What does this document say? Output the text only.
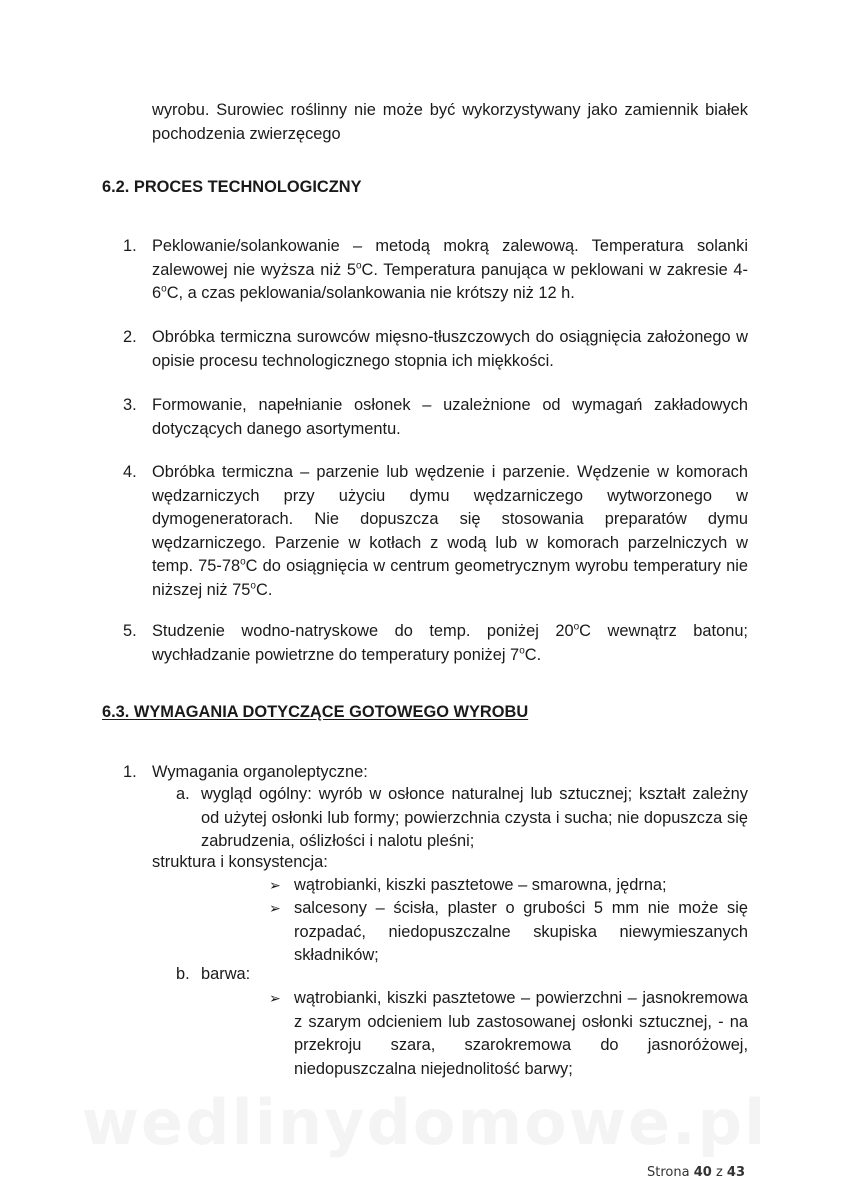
wyrobu. Surowiec roślinny nie może być wykorzystywany jako zamiennik białek pochodzenia zwierzęcego
6.2. PROCES TECHNOLOGICZNY
1. Peklowanie/solankowanie – metodą mokrą zalewową. Temperatura solanki zalewowej nie wyższa niż 5$^o$C. Temperatura panująca w peklowani w zakresie 4-6$^o$C, a czas peklowania/solankowania nie krótszy niż 12 h.
2. Obróbka termiczna surowców mięsno-tłuszczowych do osiągnięcia założonego w opisie procesu technologicznego stopnia ich miękkości.
3. Formowanie, napełnianie osłonek – uzależnione od wymagań zakładowych dotyczących danego asortymentu.
4. Obróbka termiczna – parzenie lub wędzenie i parzenie. Wędzenie w komorach wędzarniczych przy użyciu dymu wędzarniczego wytworzonego w dymogeneratorach. Nie dopuszcza się stosowania preparatów dymu wędzarniczego. Parzenie w kotłach z wodą lub w komorach parzelniczych w temp. 75-78$^o$C do osiągnięcia w centrum geometrycznym wyrobu temperatury nie niższej niż 75$^o$C.
5. Studzenie wodno-natryskowe do temp. poniżej 20$^o$C wewnątrz batonu; wychładzanie powietrzne do temperatury poniżej 7$^o$C.
6.3. WYMAGANIA DOTYCZĄCE GOTOWEGO WYROBU
1. Wymagania organoleptyczne:
a. wygląd ogólny: wyrób w osłonce naturalnej lub sztucznej; kształt zależny od użytej osłonki lub formy; powierzchnia czysta i sucha; nie dopuszcza się zabrudzenia, oślizłości i nalotu pleśni;
struktura i konsystencja:
➢ wątrobianki, kiszki pasztetowe – smarowna, jędrna;
➢ salcesony – ścisła, plaster o grubości 5 mm nie może się rozpadać, niedopuszczalne skupiska niewymieszanych składników;
b. barwa:
➢ wątrobianki, kiszki pasztetowe – powierzchni – jasnokremowa z szarym odcieniem lub zastosowanej osłonki sztucznej, - na przekroju szara, szarokremowa do jasnoróżowej, niedopuszczalna niejednolitość barwy;
wedlinydomowe.pl
Strona 40 z 43
